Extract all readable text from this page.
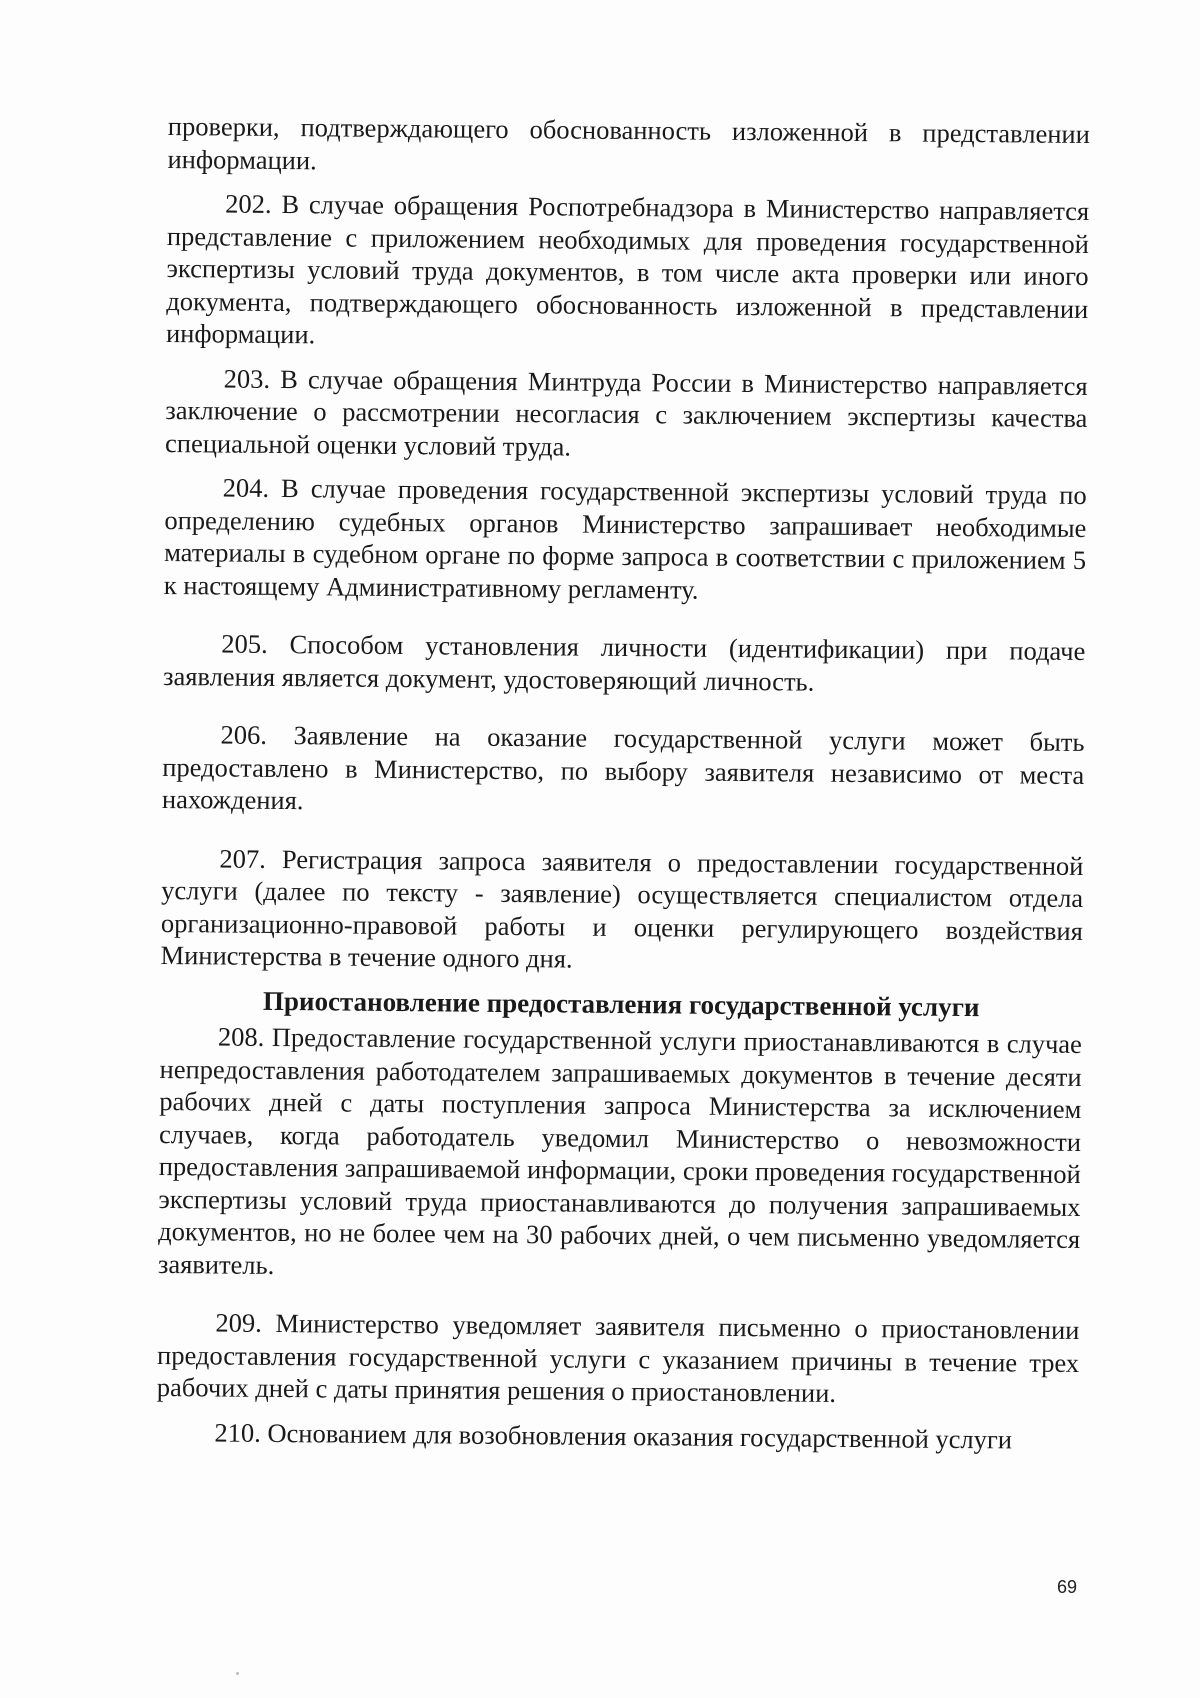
проверки, подтверждающего обоснованность изложенной в представлении информации.

202. В случае обращения Роспотребнадзора в Министерство направляется представление с приложением необходимых для проведения государственной экспертизы условий труда документов, в том числе акта проверки или иного документа, подтверждающего обоснованность изложенной в представлении информации.

203. В случае обращения Минтруда России в Министерство направляется заключение о рассмотрении несогласия с заключением экспертизы качества специальной оценки условий труда.

204. В случае проведения государственной экспертизы условий труда по определению судебных органов Министерство запрашивает необходимые материалы в судебном органе по форме запроса в соответствии с приложением 5 к настоящему Административному регламенту.

205. Способом установления личности (идентификации) при подаче заявления является документ, удостоверяющий личность.

206. Заявление на оказание государственной услуги может быть предоставлено в Министерство, по выбору заявителя независимо от места нахождения.

207. Регистрация запроса заявителя о предоставлении государственной услуги (далее по тексту - заявление) осуществляется специалистом отдела организационно-правовой работы и оценки регулирующего воздействия Министерства в течение одного дня.

Приостановление предоставления государственной услуги

208. Предоставление государственной услуги приостанавливаются в случае непредоставления работодателем запрашиваемых документов в течение десяти рабочих дней с даты поступления запроса Министерства за исключением случаев, когда работодатель уведомил Министерство о невозможности предоставления запрашиваемой информации, сроки проведения государственной экспертизы условий труда приостанавливаются до получения запрашиваемых документов, но не более чем на 30 рабочих дней, о чем письменно уведомляется заявитель.

209. Министерство уведомляет заявителя письменно о приостановлении предоставления государственной услуги с указанием причины в течение трех рабочих дней с даты принятия решения о приостановлении.

210. Основанием для возобновления оказания государственной услуги

69
